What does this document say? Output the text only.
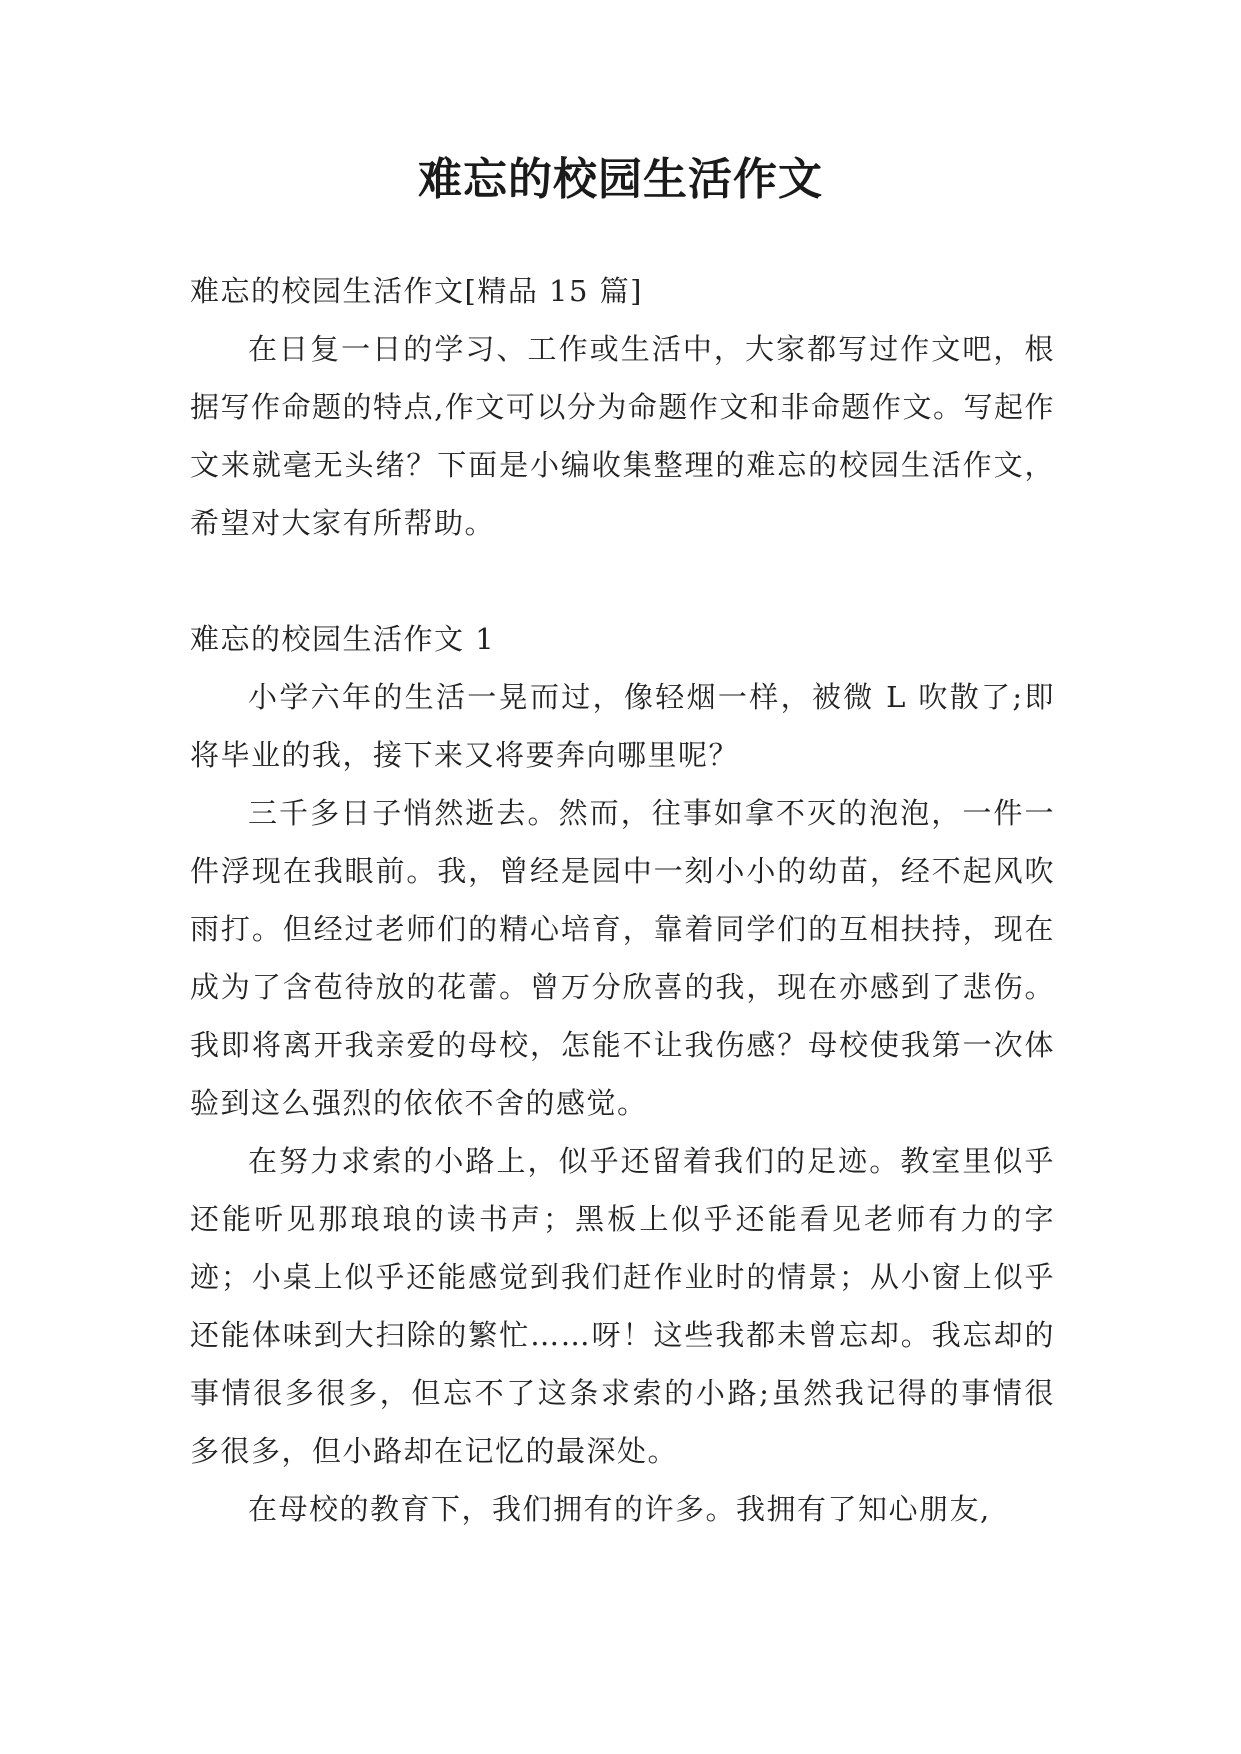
难忘的校园生活作文

难忘的校园生活作文[精品 15 篇]

在日复一日的学习、工作或生活中，大家都写过作文吧，根据写作命题的特点,作文可以分为命题作文和非命题作文。写起作文来就毫无头绪？下面是小编收集整理的难忘的校园生活作文，希望对大家有所帮助。

难忘的校园生活作文 1

小学六年的生活一晃而过，像轻烟一样，被微 L 吹散了;即将毕业的我，接下来又将要奔向哪里呢？

三千多日子悄然逝去。然而，往事如拿不灭的泡泡，一件一件浮现在我眼前。我，曾经是园中一刻小小的幼苗，经不起风吹雨打。但经过老师们的精心培育，靠着同学们的互相扶持，现在成为了含苞待放的花蕾。曾万分欣喜的我，现在亦感到了悲伤。我即将离开我亲爱的母校，怎能不让我伤感？母校使我第一次体验到这么强烈的依依不舍的感觉。

在努力求索的小路上，似乎还留着我们的足迹。教室里似乎还能听见那琅琅的读书声；黑板上似乎还能看见老师有力的字迹；小桌上似乎还能感觉到我们赶作业时的情景；从小窗上似乎还能体味到大扫除的繁忙……呀！这些我都未曾忘却。我忘却的事情很多很多，但忘不了这条求索的小路;虽然我记得的事情很多很多，但小路却在记忆的最深处。

在母校的教育下，我们拥有的许多。我拥有了知心朋友,
